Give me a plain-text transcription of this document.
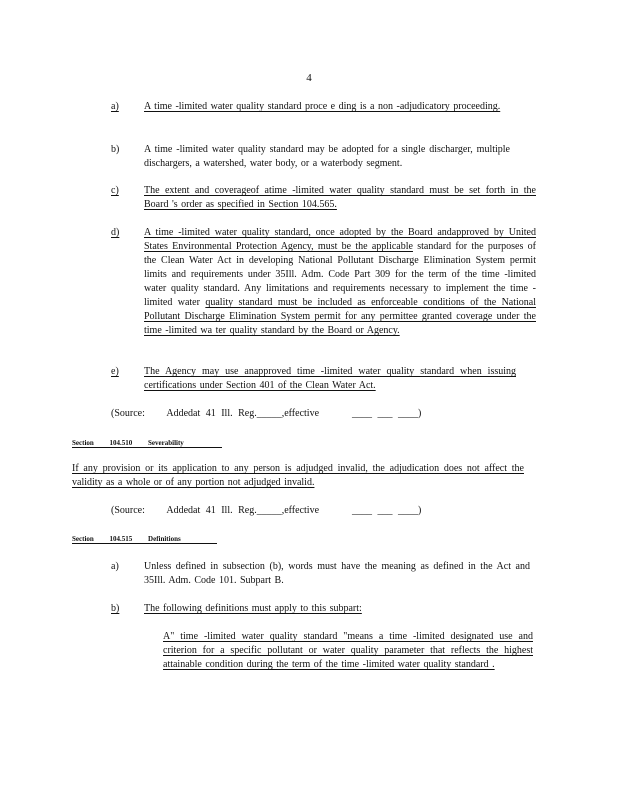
4
a)	A time -limited water quality standard proce e ding is a non -adjudicatory proceeding.
b)	A time -limited water quality standard may be adopted for a single discharger, multiple dischargers, a watershed, water body, or a waterbody segment.
c)	The extent and coverageof atime -limited water quality standard must be set forth in the Board 's order as specified in Section 104.565.
d)	A time -limited water quality standard, once adopted by the Board andapproved by United States Environmental Protection Agency, must be the applicable standard for the purposes of the Clean Water Act in developing National Pollutant Discharge Elimination System permit limits and requirements under 35Ill. Adm. Code Part 309 for the term of the time -limited water quality standard. Any limitations and requirements necessary to implement the time -limited water quality standard must be included as enforceable conditions of the National Pollutant Discharge Elimination System permit for any permittee granted coverage under the time -limited wa ter quality standard by the Board or Agency.
e)	The Agency may use anapproved time -limited water quality standard when issuing certifications under Section 401 of the Clean Water Act.
(Source: Addedat 41 Ill. Reg._____,effective	____ ___ ____)
Section 104.510 Severability
If any provision or its application to any person is adjudged invalid, the adjudication does not affect the validity as a whole or of any portion not adjudged invalid.
(Source: Addedat 41 Ill. Reg._____,effective	____ ___ ____)
Section 104.515 Definitions
a)	Unless defined in subsection (b), words must have the meaning as defined in the Act and 35Ill. Adm. Code 101. Subpart B.
b)	The following definitions must apply to this subpart:
A" time -limited water quality standard "means a time -limited designated use and criterion for a specific pollutant or water quality parameter that reflects the highest attainable condition during the term of the time -limited water quality standard .
